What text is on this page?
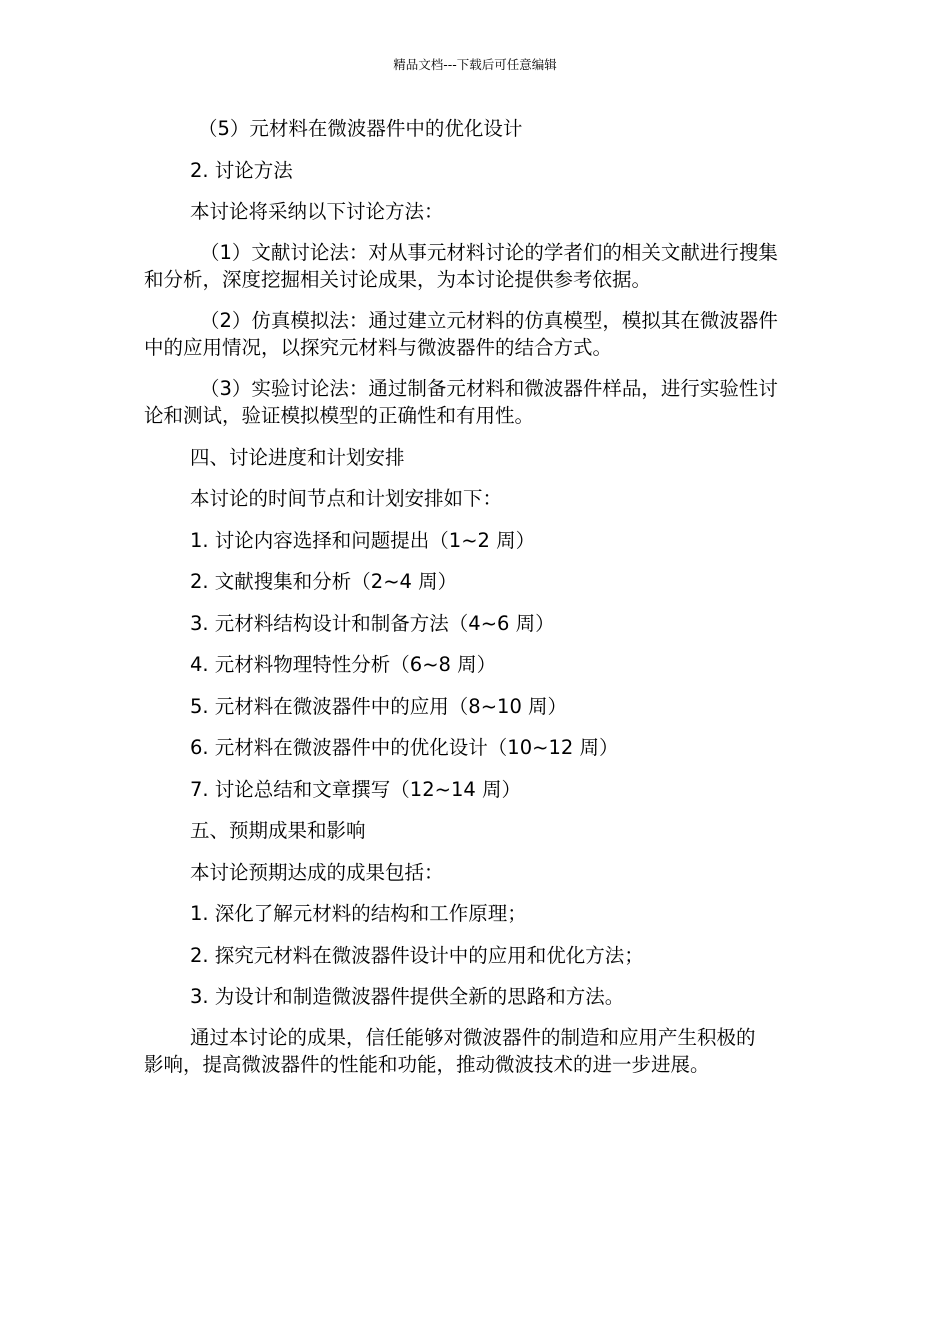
精品文档---下载后可任意编辑

（5）元材料在微波器件中的优化设计

2. 讨论方法

本讨论将采纳以下讨论方法：

（1）文献讨论法：对从事元材料讨论的学者们的相关文献进行搜集
和分析，深度挖掘相关讨论成果，为本讨论提供参考依据。
（2）仿真模拟法：通过建立元材料的仿真模型，模拟其在微波器件
中的应用情况，以探究元材料与微波器件的结合方式。
（3）实验讨论法：通过制备元材料和微波器件样品，进行实验性讨
论和测试，验证模拟模型的正确性和有用性。

四、讨论进度和计划安排

本讨论的时间节点和计划安排如下：

1. 讨论内容选择和问题提出（1~2 周）

2. 文献搜集和分析（2~4 周）

3. 元材料结构设计和制备方法（4~6 周）

4. 元材料物理特性分析（6~8 周）

5. 元材料在微波器件中的应用（8~10 周）

6. 元材料在微波器件中的优化设计（10~12 周）

7. 讨论总结和文章撰写（12~14 周）

五、预期成果和影响

本讨论预期达成的成果包括：

1. 深化了解元材料的结构和工作原理；

2. 探究元材料在微波器件设计中的应用和优化方法；

3. 为设计和制造微波器件提供全新的思路和方法。

通过本讨论的成果，信任能够对微波器件的制造和应用产生积极的
影响，提高微波器件的性能和功能，推动微波技术的进一步进展。
